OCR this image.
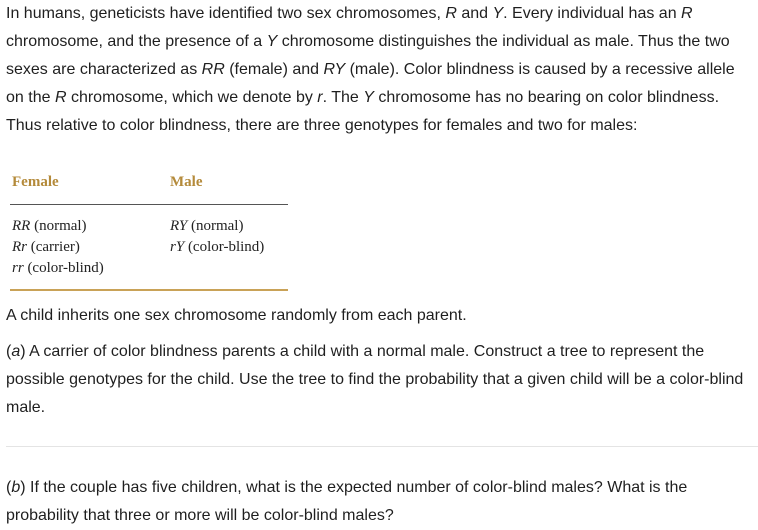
In humans, geneticists have identified two sex chromosomes, R and Y. Every individual has an R chromosome, and the presence of a Y chromosome distinguishes the individual as male. Thus the two sexes are characterized as RR (female) and RY (male). Color blindness is caused by a recessive allele on the R chromosome, which we denote by r. The Y chromosome has no bearing on color blindness. Thus relative to color blindness, there are three genotypes for females and two for males:

Female	Male
RR (normal)
Rr (carrier)
rr (color-blind)
RY (normal)
rY (color-blind)

A child inherits one sex chromosome randomly from each parent.

(a) A carrier of color blindness parents a child with a normal male. Construct a tree to represent the possible genotypes for the child. Use the tree to find the probability that a given child will be a color-blind male.

(b) If the couple has five children, what is the expected number of color-blind males? What is the probability that three or more will be color-blind males?
